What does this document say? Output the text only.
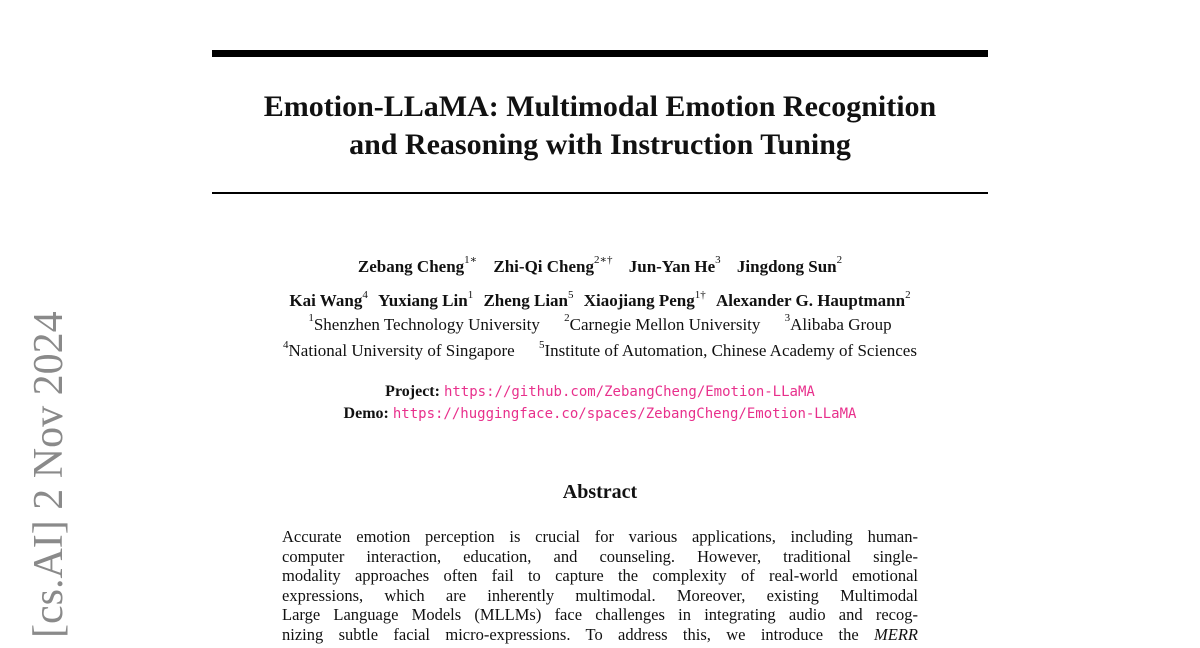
[cs.AI] 2 Nov 2024
Emotion-LLaMA: Multimodal Emotion Recognition
and Reasoning with Instruction Tuning
Zebang Cheng$^{1∗}$ Zhi-Qi Cheng$^{2∗\dagger}$ Jun-Yan He$^3$ Jingdong Sun$^2$
Kai Wang$^4$ Yuxiang Lin$^1$ Zheng Lian$^5$ Xiaojiang Peng$^{1\dagger}$ Alexander G. Hauptmann$^2$
$^1$Shenzhen Technology University $^2$Carnegie Mellon University $^3$Alibaba Group
$^4$National University of Singapore $^5$Institute of Automation, Chinese Academy of Sciences
Project: https://github.com/ZebangCheng/Emotion-LLaMA
Demo: https://huggingface.co/spaces/ZebangCheng/Emotion-LLaMA
Abstract
Accurate emotion perception is crucial for various applications, including human-
computer interaction, education, and counseling. However, traditional single-
modality approaches often fail to capture the complexity of real-world emotional
expressions, which are inherently multimodal. Moreover, existing Multimodal
Large Language Models (MLLMs) face challenges in integrating audio and recog-
nizing subtle facial micro-expressions. To address this, we introduce the MERR
